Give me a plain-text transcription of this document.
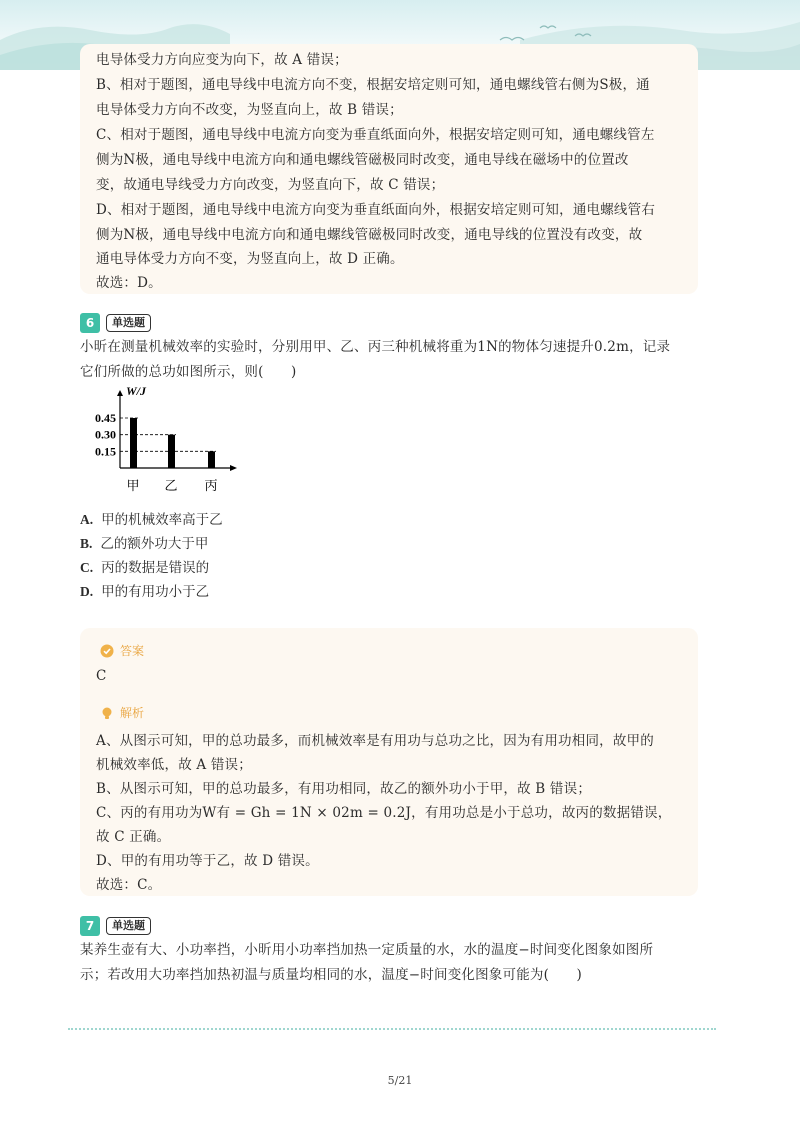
电导体受力方向应变为向下，故 A 错误；
B、相对于题图，通电导线中电流方向不变，根据安培定则可知，通电螺线管右侧为S极，通
电导体受力方向不改变，为竖直向上，故 B 错误；
C、相对于题图，通电导线中电流方向变为垂直纸面向外，根据安培定则可知，通电螺线管左
侧为N极，通电导线中电流方向和通电螺线管磁极同时改变，通电导线在磁场中的位置改
变，故通电导线受力方向改变，为竖直向下，故 C 错误；
D、相对于题图，通电导线中电流方向变为垂直纸面向外，根据安培定则可知，通电螺线管右
侧为N极，通电导线中电流方向和通电螺线管磁极同时改变，通电导线的位置没有改变，故
通电导体受力方向不变，为竖直向上，故 D 正确。
故选：D。
6	单选题
小昕在测量机械效率的实验时，分别用甲、乙、丙三种机械将重为1N的物体匀速提升0.2m，记录
它们所做的总功如图所示，则(　　)
W/J
0.45
甲
0.30
乙
0.15
丙
A. 甲的机械效率高于乙
B. 乙的额外功大于甲
C. 丙的数据是错误的
D. 甲的有用功小于乙
答案
C
解析
A、从图示可知，甲的总功最多，而机械效率是有用功与总功之比，因为有用功相同，故甲的
机械效率低，故 A 错误；
B、从图示可知，甲的总功最多，有用功相同，故乙的额外功小于甲，故 B 错误；
C、丙的有用功为W有 = Gh = 1N × 02m = 0.2J，有用功总是小于总功，故丙的数据错误，
故 C 正确。
D、甲的有用功等于乙，故 D 错误。
故选：C。
7	单选题
某养生壶有大、小功率挡，小昕用小功率挡加热一定质量的水，水的温度−时间变化图象如图所
示；若改用大功率挡加热初温与质量均相同的水，温度−时间变化图象可能为(　　)
5/21
